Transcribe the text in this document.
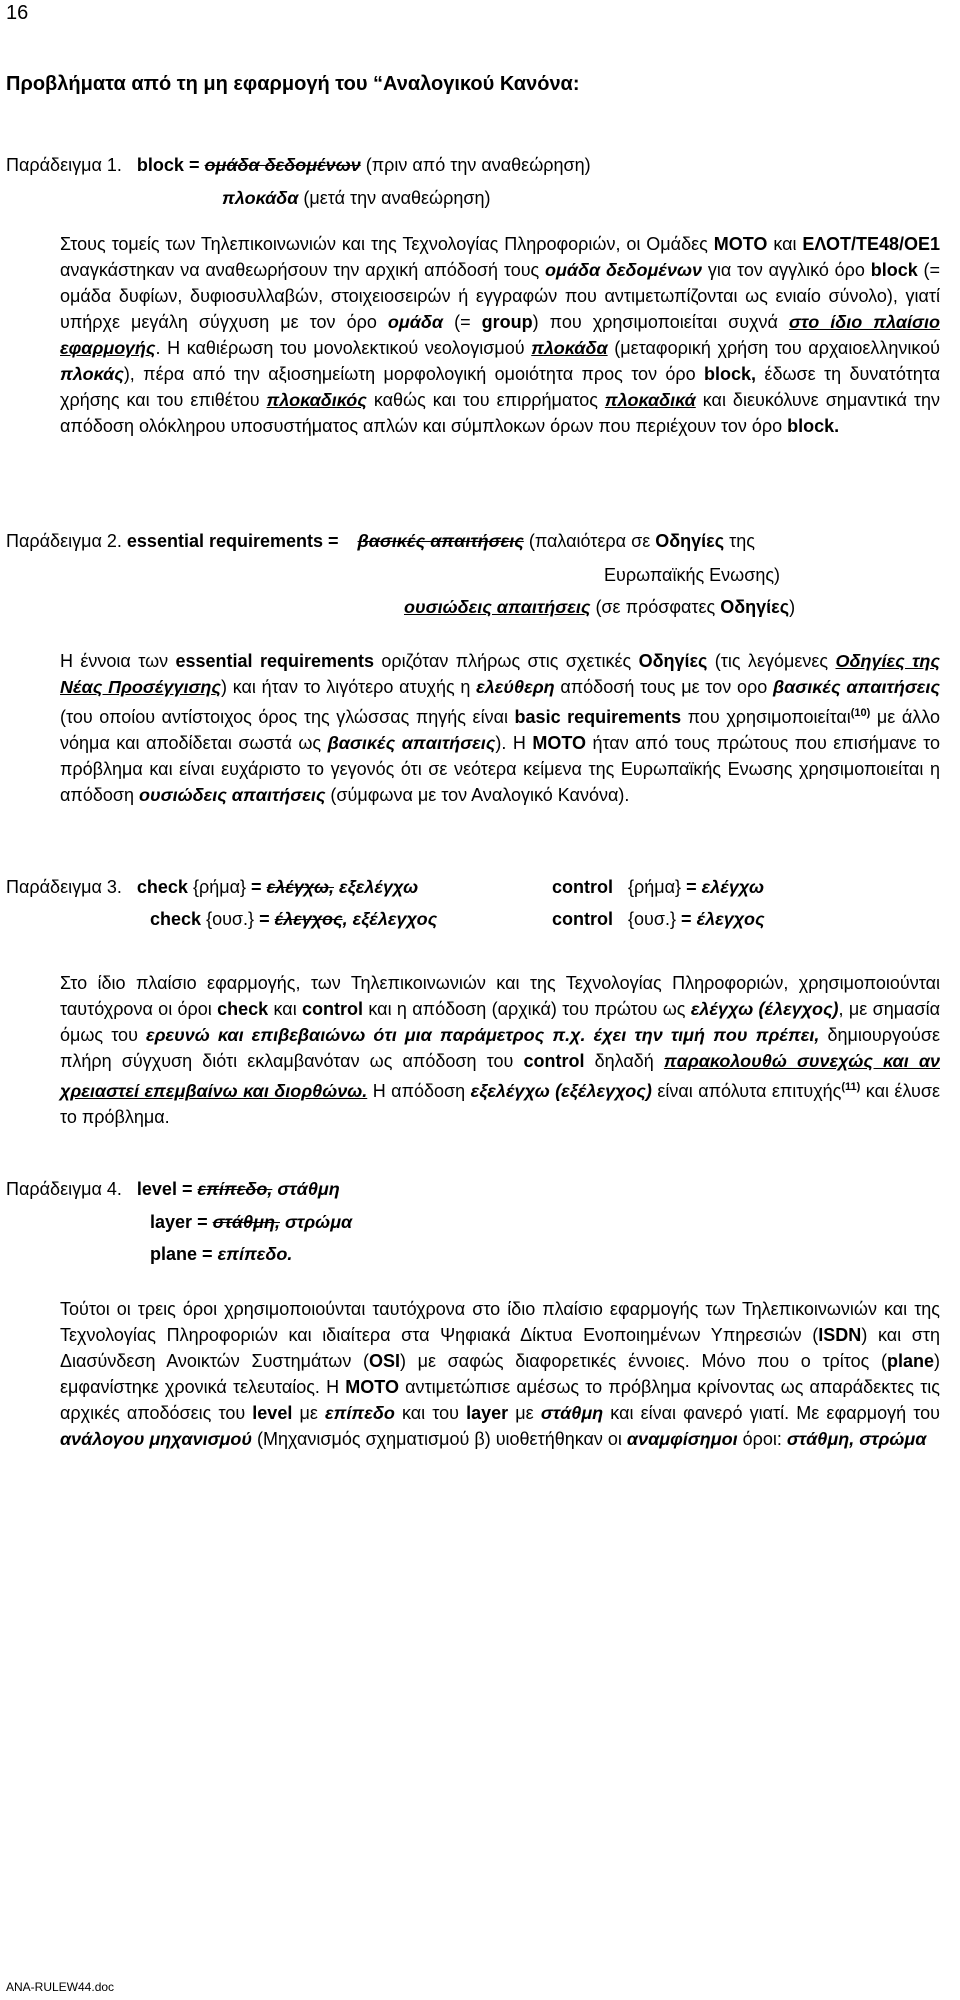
16
Προβλήματα από τη μη εφαρμογή του “Αναλογικού Κανόνα:
Παράδειγμα 1. block = ομάδα δεδομένων (πριν από την αναθεώρηση)
πλοκάδα (μετά την αναθεώρηση)
Στους τομείς των Τηλεπικοινωνιών και της Τεχνολογίας Πληροφοριών, οι Ομάδες ΜΟΤΟ και ΕΛΟΤ/ΤΕ48/ΟΕ1 αναγκάστηκαν να αναθεωρήσουν την αρχική απόδοσή τους ομάδα δεδομένων για τον αγγλικό όρο block (= ομάδα δυφίων, δυφιοσυλλαβών, στοιχειοσειρών ή εγγραφών που αντιμετωπίζονται ως ενιαίο σύνολο), γιατί υπήρχε μεγάλη σύγχυση με τον όρο ομάδα (= group) που χρησιμοποιείται συχνά στο ίδιο πλαίσιο εφαρμογής. Η καθιέρωση του μονολεκτικού νεολογισμού πλοκάδα (μεταφορική χρήση του αρχαιοελληνικού πλοκάς), πέρα από την αξιοσημείωτη μορφολογική ομοιότητα προς τον όρο block, έδωσε τη δυνατότητα χρήσης και του επιθέτου πλοκαδικός καθώς και του επιρρήματος πλοκαδικά και διευκόλυνε σημαντικά την απόδοση ολόκληρου υποσυστήματος απλών και σύμπλοκων όρων που περιέχουν τον όρο block.
Παράδειγμα 2. essential requirements = βασικές απαιτήσεις (παλαιότερα σε Οδηγίες της
Ευρωπαϊκής Ενωσης)
ουσιώδεις απαιτήσεις (σε πρόσφατες Οδηγίες)
Η έννοια των essential requirements οριζόταν πλήρως στις σχετικές Οδηγίες (τις λεγόμενες Οδηγίες της Νέας Προσέγγισης) και ήταν το λιγότερο ατυχής η ελεύθερη απόδοσή τους με τον ορο βασικές απαιτήσεις (του οποίου αντίστοιχος όρος της γλώσσας πηγής είναι basic requirements που χρησιμοποιείται$^{(10)}$ με άλλο νόημα και αποδίδεται σωστά ως βασικές απαιτήσεις). Η ΜΟΤΟ ήταν από τους πρώτους που επισήμανε το πρόβλημα και είναι ευχάριστο το γεγονός ότι σε νεότερα κείμενα της Ευρωπαϊκής Ενωσης χρησιμοποιείται η απόδοση ουσιώδεις απαιτήσεις (σύμφωνα με τον Αναλογικό Κανόνα).
Παράδειγμα 3. check {ρήμα} = ελέγχω, εξελέγχω	control {ρήμα} = ελέγχω
check {ουσ.} = έλεγχος, εξέλεγχος	control {ουσ.} = έλεγχος
Στο ίδιο πλαίσιο εφαρμογής, των Τηλεπικοινωνιών και της Τεχνολογίας Πληροφοριών, χρησιμοποιούνται ταυτόχρονα οι όροι check και control και η απόδοση (αρχικά) του πρώτου ως ελέγχω (έλεγχος), με σημασία όμως του ερευνώ και επιβεβαιώνω ότι μια παράμετρος π.χ. έχει την τιμή που πρέπει, δημιουργούσε πλήρη σύγχυση διότι εκλαμβανόταν ως απόδοση του control δηλαδή παρακολουθώ συνεχώς και αν χρειαστεί επεμβαίνω και διορθώνω. Η απόδοση εξελέγχω (εξέλεγχος) είναι απόλυτα επιτυχής$^{(11)}$ και έλυσε το πρόβλημα.
Παράδειγμα 4. level = επίπεδο, στάθμη
layer = στάθμη, στρώμα
plane = επίπεδο.
Τούτοι οι τρεις όροι χρησιμοποιούνται ταυτόχρονα στο ίδιο πλαίσιο εφαρμογής των Τηλεπικοινωνιών και της Τεχνολογίας Πληροφοριών και ιδιαίτερα στα Ψηφιακά Δίκτυα Ενοποιημένων Υπηρεσιών (ISDN) και στη Διασύνδεση Ανοικτών Συστημάτων (OSI) με σαφώς διαφορετικές έννοιες. Μόνο που ο τρίτος (plane) εμφανίστηκε χρονικά τελευταίος. Η ΜΟΤΟ αντιμετώπισε αμέσως το πρόβλημα κρίνοντας ως απαράδεκτες τις αρχικές αποδόσεις του level με επίπεδο και του layer με στάθμη και είναι φανερό γιατί. Με εφαρμογή του ανάλογου μηχανισμού (Μηχανισμός σχηματισμού β) υιοθετήθηκαν οι αναμφίσημοι όροι: στάθμη, στρώμα
ANA-RULEW44.doc
